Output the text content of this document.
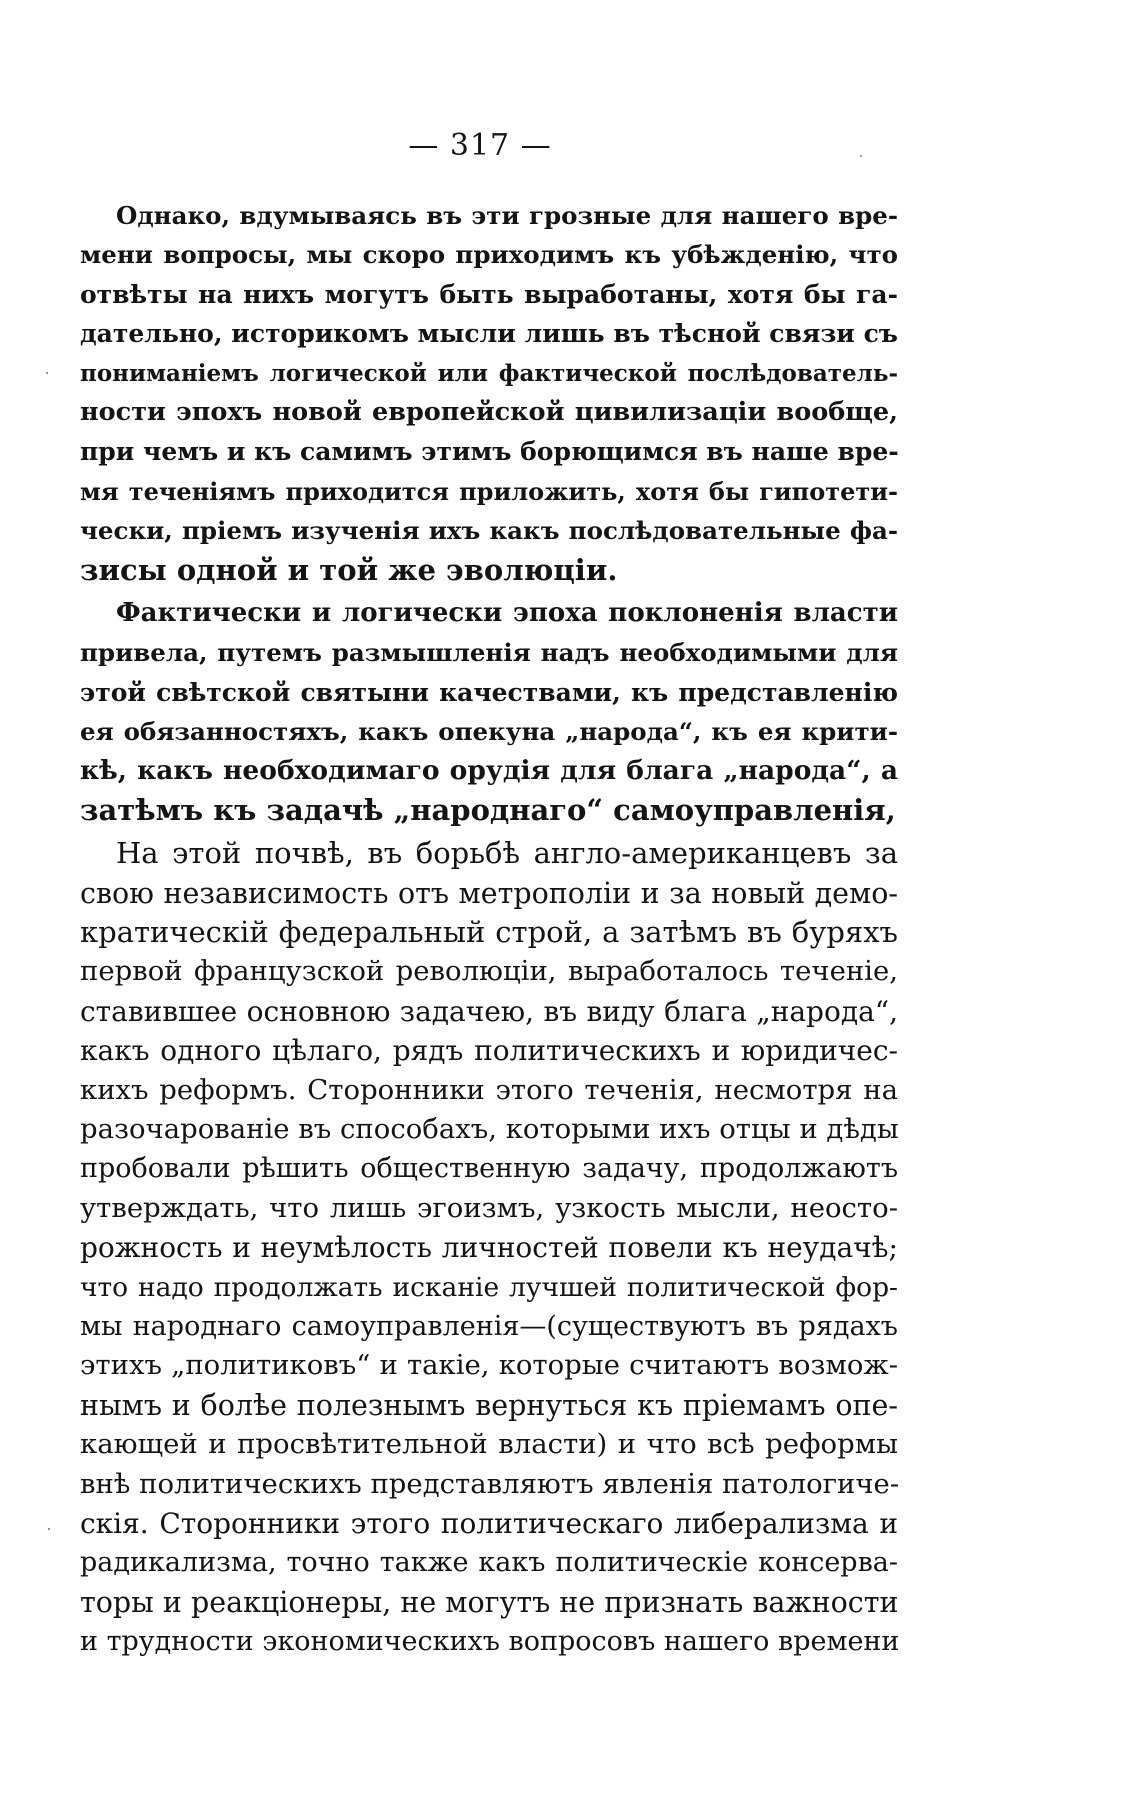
— 317 —
Однако, вдумываясь въ эти грозные для нашего вре-
мени вопросы, мы скоро приходимъ къ убѣжденію, что
отвѣты на нихъ могутъ быть выработаны, хотя бы га-
дательно, историкомъ мысли лишь въ тѣсной связи съ
пониманіемъ логической или фактической послѣдователь-
ности эпохъ новой европейской цивилизаціи вообще,
при чемъ и къ самимъ этимъ борющимся въ наше вре-
мя теченіямъ приходится приложить, хотя бы гипотети-
чески, пріемъ изученія ихъ какъ послѣдовательные фа-
зисы одной и той же эволюціи.
Фактически и логически эпоха поклоненія власти
привела, путемъ размышленія надъ необходимыми для
этой свѣтской святыни качествами, къ представленію
ея обязанностяхъ, какъ опекуна „народа“, къ ея крити-
кѣ, какъ необходимаго орудія для блага „народа“, а
затѣмъ къ задачѣ „народнаго“ самоуправленія,
На этой почвѣ, въ борьбѣ англо-американцевъ за
свою независимость отъ метрополіи и за новый демо-
кратическій федеральный строй, а затѣмъ въ буряхъ
первой французской революціи, выработалось теченіе,
ставившее основною задачею, въ виду блага „народа“,
какъ одного цѣлаго, рядъ политическихъ и юридичес-
кихъ реформъ. Сторонники этого теченія, несмотря на
разочарованіе въ способахъ, которыми ихъ отцы и дѣды
пробовали рѣшить общественную задачу, продолжаютъ
утверждать, что лишь эгоизмъ, узкость мысли, неосто-
рожность и неумѣлость личностей повели къ неудачѣ;
что надо продолжать исканіе лучшей политической фор-
мы народнаго самоуправленія—(существуютъ въ рядахъ
этихъ „политиковъ“ и такіе, которые считаютъ возмож-
нымъ и болѣе полезнымъ вернуться къ пріемамъ опе-
кающей и просвѣтительной власти) и что всѣ реформы
внѣ политическихъ представляютъ явленія патологиче-
скія. Сторонники этого политическаго либерализма и
радикализма, точно также какъ политическіе консерва-
торы и реакціонеры, не могутъ не признать важности
и трудности экономическихъ вопросовъ нашего времени
